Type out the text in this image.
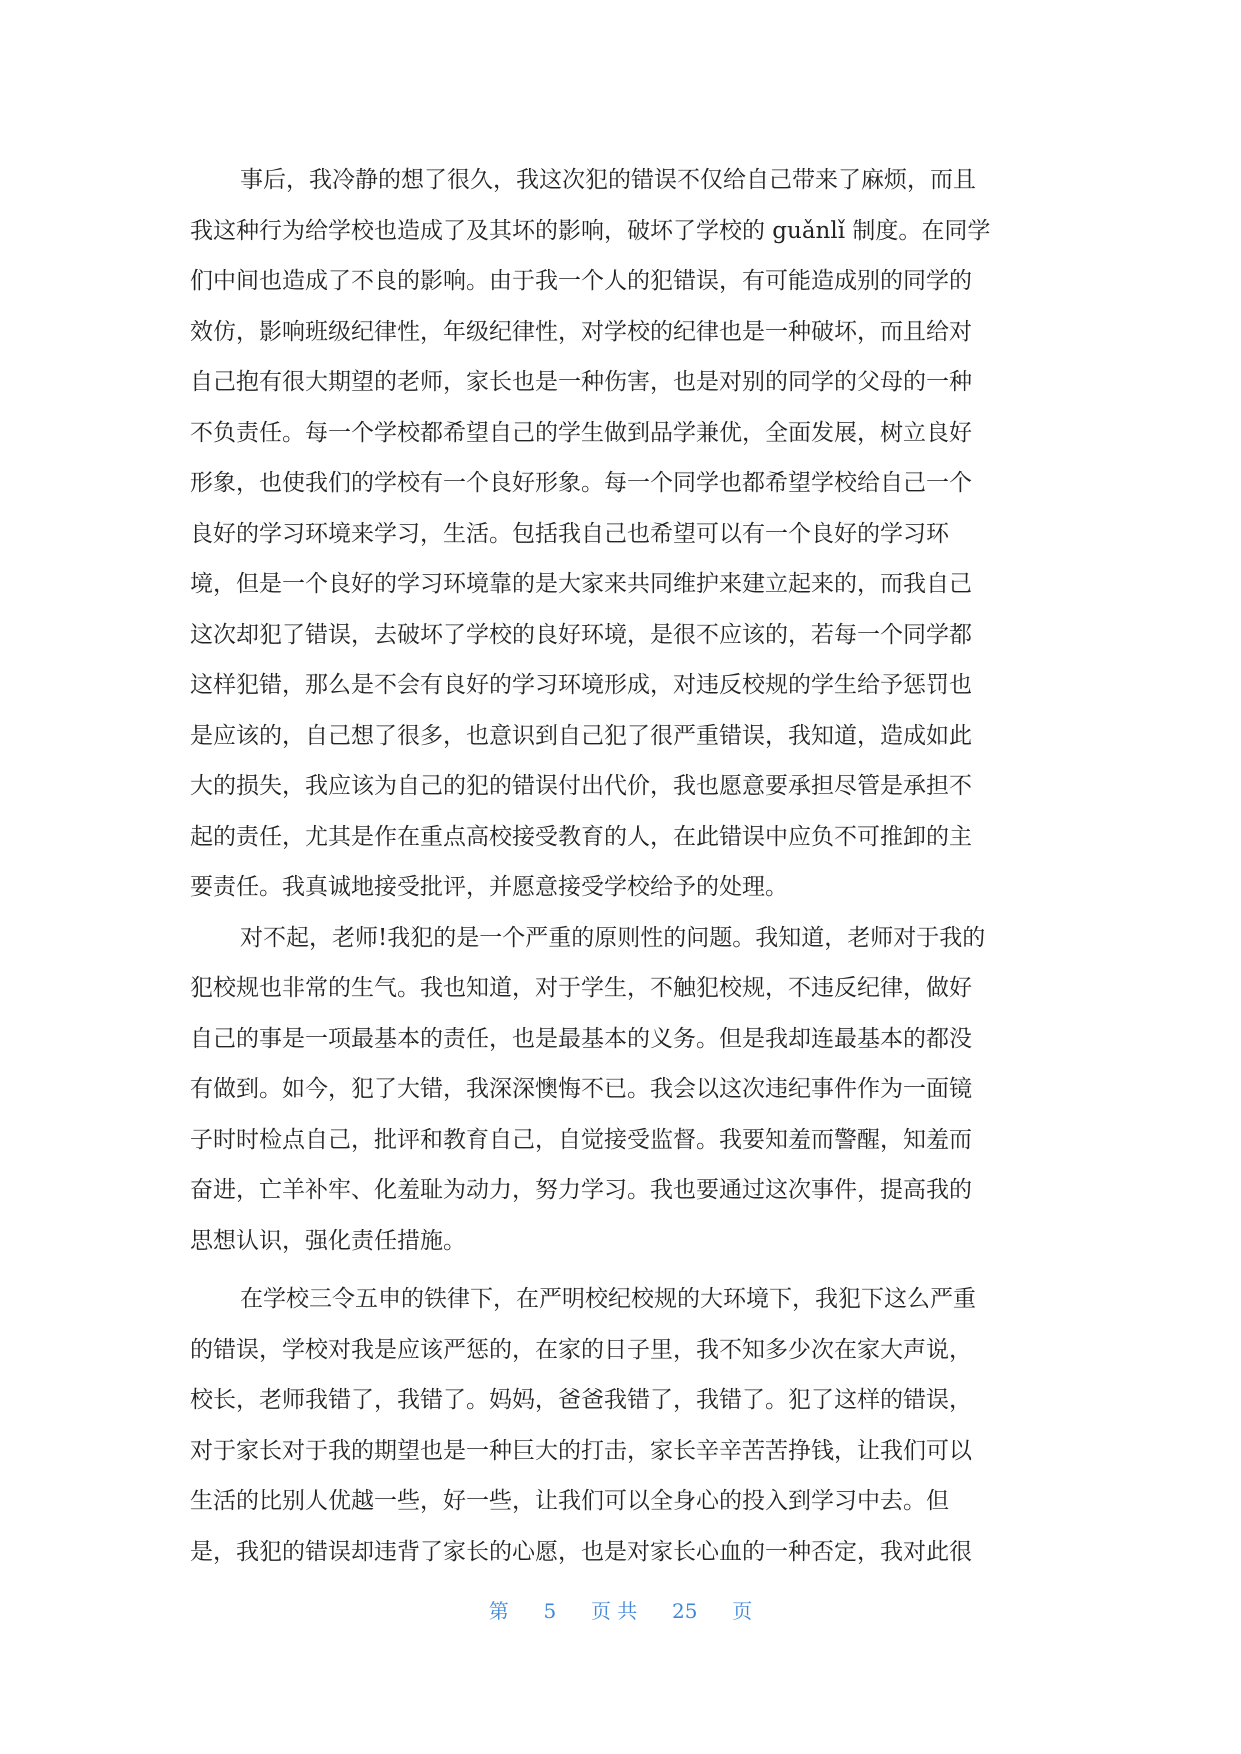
事后，我冷静的想了很久，我这次犯的错误不仅给自己带来了麻烦，而且
我这种行为给学校也造成了及其坏的影响，破坏了学校的 guǎnlǐ 制度。在同学
们中间也造成了不良的影响。由于我一个人的犯错误，有可能造成别的同学的
效仿，影响班级纪律性，年级纪律性，对学校的纪律也是一种破坏，而且给对
自己抱有很大期望的老师，家长也是一种伤害，也是对别的同学的父母的一种
不负责任。每一个学校都希望自己的学生做到品学兼优，全面发展，树立良好
形象，也使我们的学校有一个良好形象。每一个同学也都希望学校给自己一个
良好的学习环境来学习，生活。包括我自己也希望可以有一个良好的学习环
境，但是一个良好的学习环境靠的是大家来共同维护来建立起来的，而我自己
这次却犯了错误，去破坏了学校的良好环境，是很不应该的，若每一个同学都
这样犯错，那么是不会有良好的学习环境形成，对违反校规的学生给予惩罚也
是应该的，自己想了很多，也意识到自己犯了很严重错误，我知道，造成如此
大的损失，我应该为自己的犯的错误付出代价，我也愿意要承担尽管是承担不
起的责任，尤其是作在重点高校接受教育的人，在此错误中应负不可推卸的主
要责任。我真诚地接受批评，并愿意接受学校给予的处理。
对不起，老师!我犯的是一个严重的原则性的问题。我知道，老师对于我的
犯校规也非常的生气。我也知道，对于学生，不触犯校规，不违反纪律，做好
自己的事是一项最基本的责任，也是最基本的义务。但是我却连最基本的都没
有做到。如今，犯了大错，我深深懊悔不已。我会以这次违纪事件作为一面镜
子时时检点自己，批评和教育自己，自觉接受监督。我要知羞而警醒，知羞而
奋进，亡羊补牢、化羞耻为动力，努力学习。我也要通过这次事件，提高我的
思想认识，强化责任措施。
在学校三令五申的铁律下，在严明校纪校规的大环境下，我犯下这么严重
的错误，学校对我是应该严惩的，在家的日子里，我不知多少次在家大声说，
校长，老师我错了，我错了。妈妈，爸爸我错了，我错了。犯了这样的错误，
对于家长对于我的期望也是一种巨大的打击，家长辛辛苦苦挣钱，让我们可以
生活的比别人优越一些，好一些，让我们可以全身心的投入到学习中去。但
是，我犯的错误却违背了家长的心愿，也是对家长心血的一种否定，我对此很
第 5 页 共 25 页
